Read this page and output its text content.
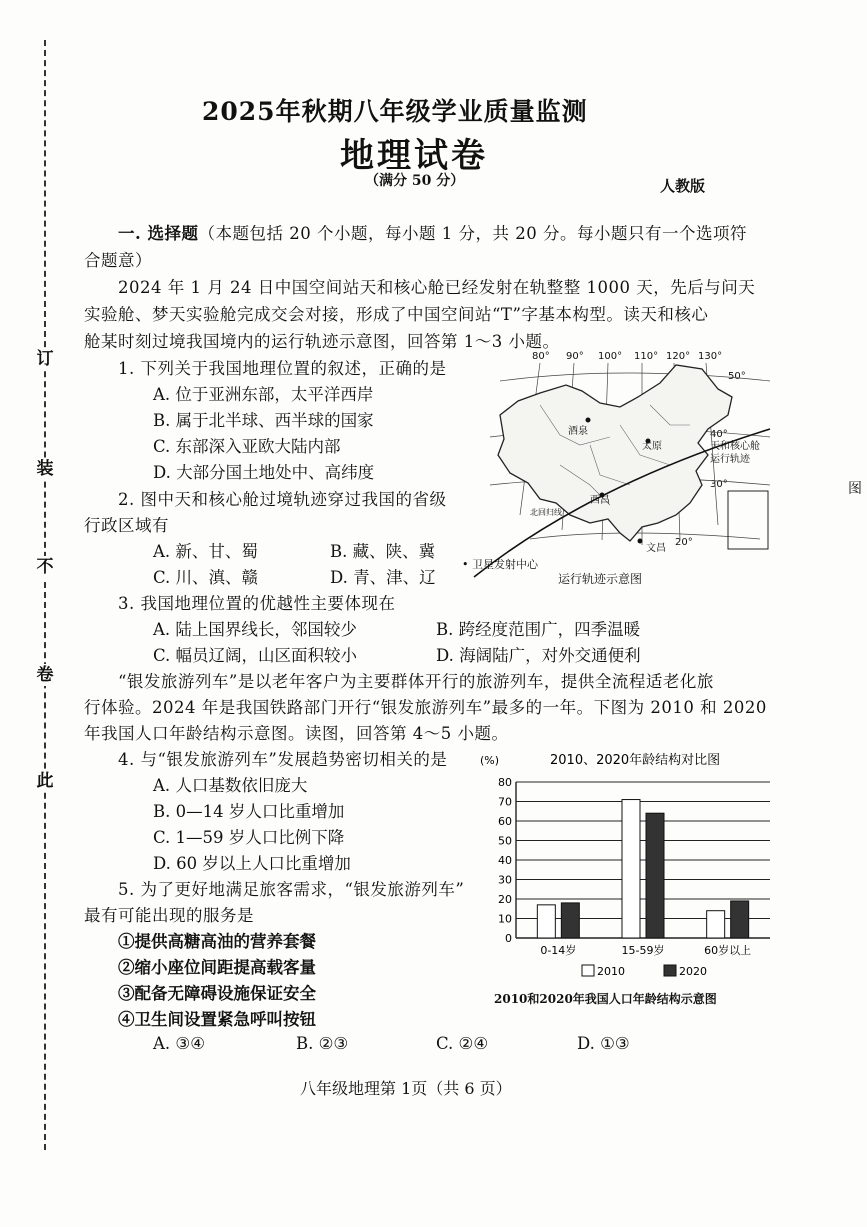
订
装
不
卷
此
2025年秋期八年级学业质量监测
地理试卷
（满分 50 分）	人教版
一. 选择题（本题包括 20 个小题，每小题 1 分，共 20 分。每小题只有一个选项符
合题意）
2024 年 1 月 24 日中国空间站天和核心舱已经发射在轨整整 1000 天，先后与问天
实验舱、梦天实验舱完成交会对接，形成了中国空间站“T”字基本构型。读天和核心
舱某时刻过境我国境内的运行轨迹示意图，回答第 1～3 小题。
1. 下列关于我国地理位置的叙述，正确的是
A. 位于亚洲东部，太平洋西岸
B. 属于北半球、西半球的国家
C. 东部深入亚欧大陆内部
D. 大部分国土地处中、高纬度
2. 图中天和核心舱过境轨迹穿过我国的省级
行政区域有
A. 新、甘、蜀	B. 藏、陕、冀
C. 川、滇、赣	D. 青、津、辽
80° 90° 100° 110° 120° 130°
50°
40°
30°
20°
酒泉
太原
西昌
北回归线
文昌
天和核心舱
运行轨迹
• 卫星发射中心
运行轨迹示意图
图
3. 我国地理位置的优越性主要体现在
A. 陆上国界线长，邻国较少	B. 跨经度范围广，四季温暖
C. 幅员辽阔，山区面积较小	D. 海阔陆广，对外交通便利
“银发旅游列车”是以老年客户为主要群体开行的旅游列车，提供全流程适老化旅
行体验。2024 年是我国铁路部门开行“银发旅游列车”最多的一年。下图为 2010 和 2020
年我国人口年龄结构示意图。读图，回答第 4～5 小题。
4. 与“银发旅游列车”发展趋势密切相关的是
A. 人口基数依旧庞大
B. 0—14 岁人口比重增加
C. 1—59 岁人口比例下降
D. 60 岁以上人口比重增加
5. 为了更好地满足旅客需求，“银发旅游列车”
最有可能出现的服务是
①提供高糖高油的营养套餐
②缩小座位间距提高载客量
③配备无障碍设施保证安全
④卫生间设置紧急呼叫按钮
A. ③④	B. ②③	C. ②④	D. ①③
0
10
20
30
40
50
60
70
80
0-14岁	15-59岁	60岁以上
2010	2020
(%)	2010、2020年龄结构对比图
2010和2020年我国人口年龄结构示意图
八年级地理第 1页（共 6 页）
